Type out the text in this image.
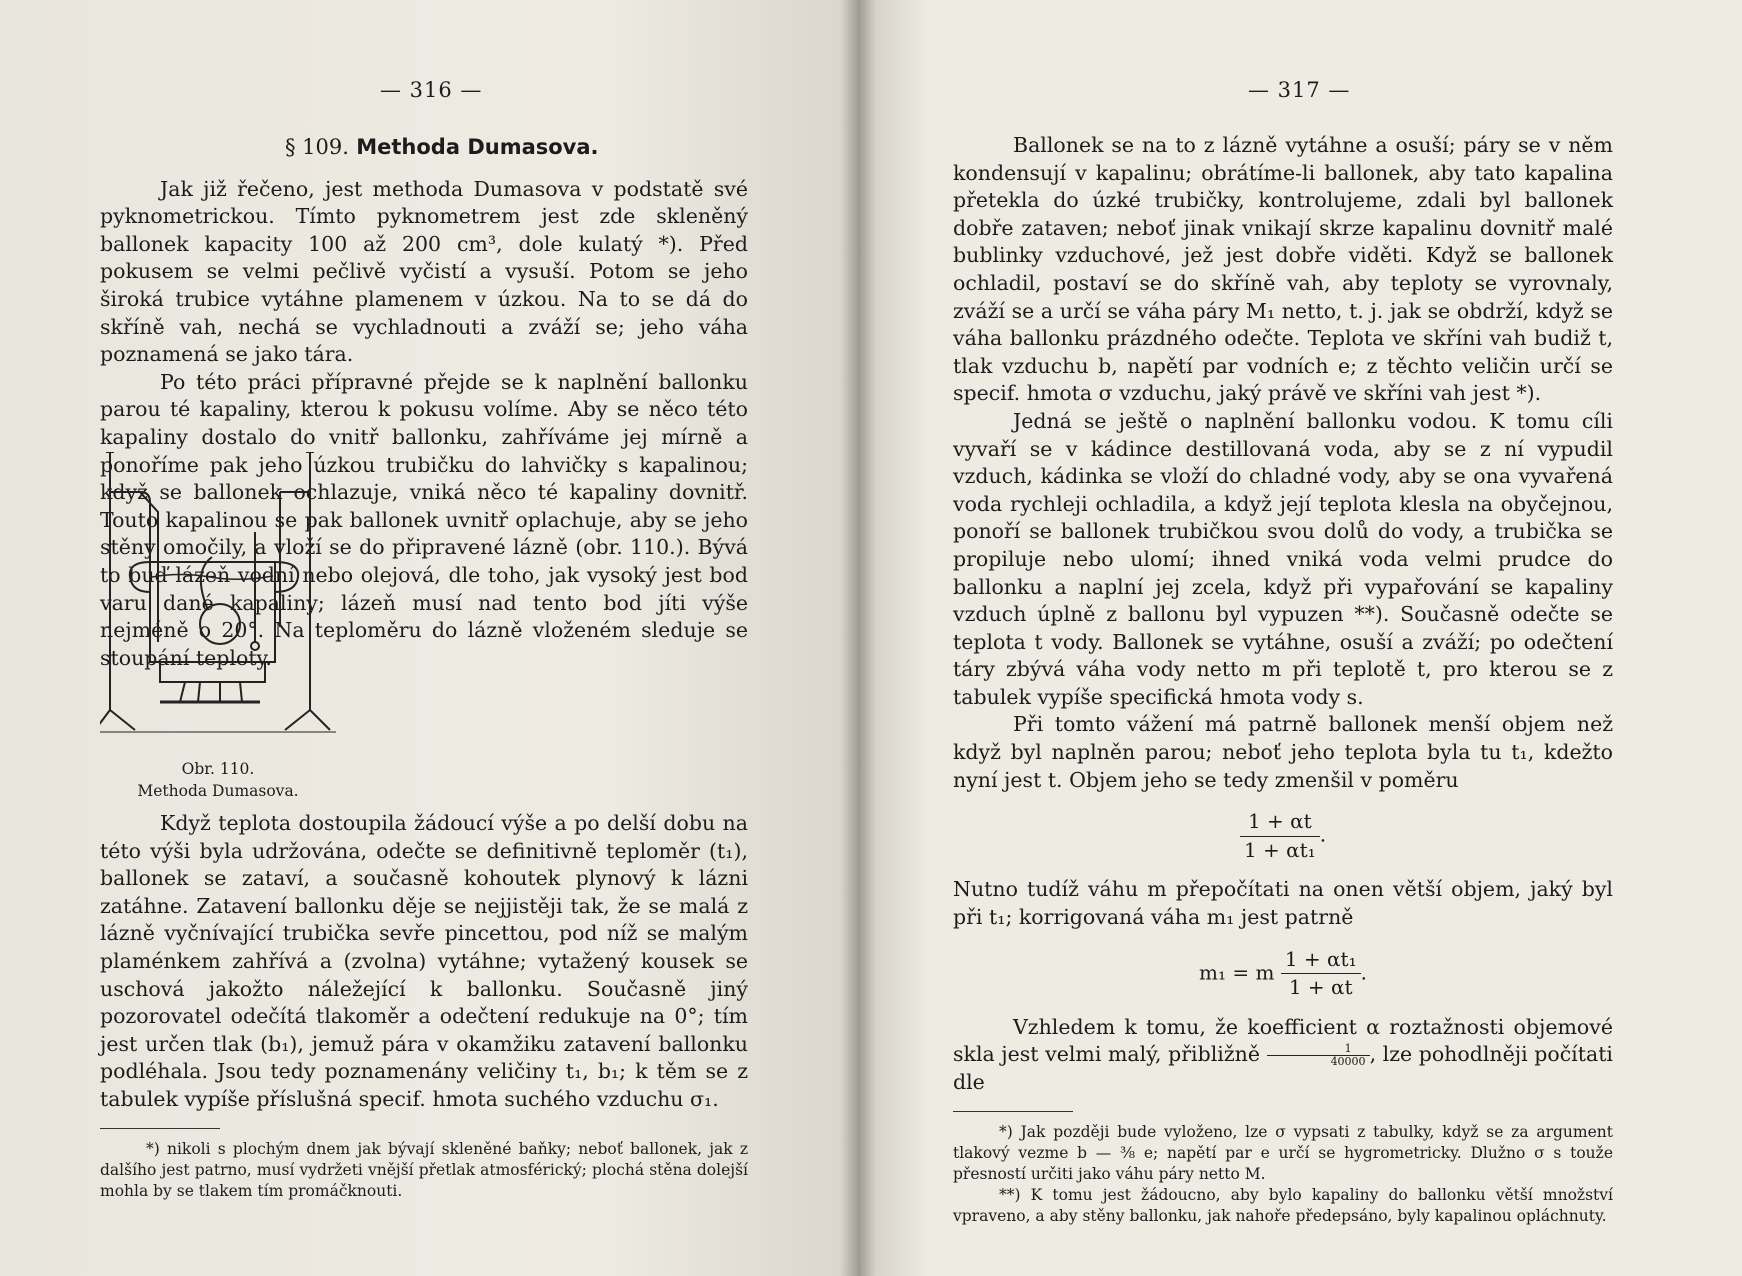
— 316 —
§ 109. Methoda Dumasova.

Jak již řečeno, jest methoda Dumasova v podstatě své pyknometrickou. Tímto pyknometrem jest zde skleněný ballonek kapacity 100 až 200 cm³, dole kulatý *). Před pokusem se velmi pečlivě vyčistí a vysuší. Potom se jeho široká trubice vytáhne plamenem v úzkou. Na to se dá do skříně vah, nechá se vychladnouti a zváží se; jeho váha poznamená se jako tára.

Po této práci přípravné přejde se k naplnění ballonku parou té kapaliny, kterou k pokusu volíme. Aby se něco této kapaliny dostalo do vnitř ballonku, zahříváme jej mírně a ponoříme pak jeho úzkou trubičku do lahvičky s kapalinou; když se ballonek ochlazuje, vniká něco té kapaliny dovnitř. Touto kapalinou se pak ballonek uvnitř oplachuje, aby se jeho stěny omočily, a vloží se do připravené lázně (obr. 110.). Bývá to buď lázeň vodní nebo olejová, dle toho, jak vysoký jest bod varu dané kapaliny; lázeň musí nad tento bod jíti výše nejméně o 20°. Na teploměru do lázně vloženém sleduje se stoupání teploty.

Obr. 110.
Methoda Dumasova.

Když teplota dostoupila žádoucí výše a po delší dobu na této výši byla udržována, odečte se definitivně teploměr (t₁), ballonek se zataví, a současně kohoutek plynový k lázni zatáhne. Zatavení ballonku děje se nejjistěji tak, že se malá z lázně vyčnívající trubička sevře pincettou, pod níž se malým plaménkem zahřívá a (zvolna) vytáhne; vytažený kousek se uschová jakožto náležející k ballonku. Současně jiný pozorovatel odečítá tlakoměr a odečtení redukuje na 0°; tím jest určen tlak (b₁), jemuž pára v okamžiku zatavení ballonku podléhala. Jsou tedy poznamenány veličiny t₁, b₁; k těm se z tabulek vypíše příslušná specif. hmota suchého vzduchu σ₁.

*) nikoli s plochým dnem jak bývají skleněné baňky; neboť ballonek, jak z dalšího jest patrno, musí vydržeti vnější přetlak atmosférický; plochá stěna dolejší mohla by se tlakem tím promáčknouti.

— 317 —

Ballonek se na to z lázně vytáhne a osuší; páry se v něm kondensují v kapalinu; obrátíme-li ballonek, aby tato kapalina přetekla do úzké trubičky, kontrolujeme, zdali byl ballonek dobře zataven; neboť jinak vnikají skrze kapalinu dovnitř malé bublinky vzduchové, jež jest dobře viděti. Když se ballonek ochladil, postaví se do skříně vah, aby teploty se vyrovnaly, zváží se a určí se váha páry M₁ netto, t. j. jak se obdrží, když se váha ballonku prázdného odečte. Teplota ve skříni vah budiž t, tlak vzduchu b, napětí par vodních e; z těchto veličin určí se specif. hmota σ vzduchu, jaký právě ve skříni vah jest *).

Jedná se ještě o naplnění ballonku vodou. K tomu cíli vyvaří se v kádince destillovaná voda, aby se z ní vypudil vzduch, kádinka se vloží do chladné vody, aby se ona vyvařená voda rychleji ochladila, a když její teplota klesla na obyčejnou, ponoří se ballonek trubičkou svou dolů do vody, a trubička se propiluje nebo ulomí; ihned vniká voda velmi prudce do ballonku a naplní jej zcela, když při vypařování se kapaliny vzduch úplně z ballonu byl vypuzen **). Současně odečte se teplota t vody. Ballonek se vytáhne, osuší a zváží; po odečtení táry zbývá váha vody netto m při teplotě t, pro kterou se z tabulek vypíše specifická hmota vody s.

Při tomto vážení má patrně ballonek menší objem než když byl naplněn parou; neboť jeho teplota byla tu t₁, kdežto nyní jest t. Objem jeho se tedy zmenšil v poměru

$\frac{1 + \alpha t}{\text{1 + αt₁}}$ .

Nutno tudíž váhu m přepočítati na onen větší objem, jaký byl při t₁; korrigovaná váha m₁ jest patrně

m₁ = m $\frac{\text{1 + αt₁}}{1 + \alpha t}$ .

Vzhledem k tomu, že koefficient α roztažnosti objemové skla jest velmi malý, přibližně $\frac{1}{40000}$ , lze pohodlněji počítati dle

*) Jak později bude vyloženo, lze σ vypsati z tabulky, když se za argument tlakový vezme b — ⅜ e; napětí par e určí se hygrometricky. Dlužno σ s touže přesností určiti jako váhu páry netto M.

**) K tomu jest žádoucno, aby bylo kapaliny do ballonku větší množství vpraveno, a aby stěny ballonku, jak nahoře předepsáno, byly kapalinou opláchnuty.
